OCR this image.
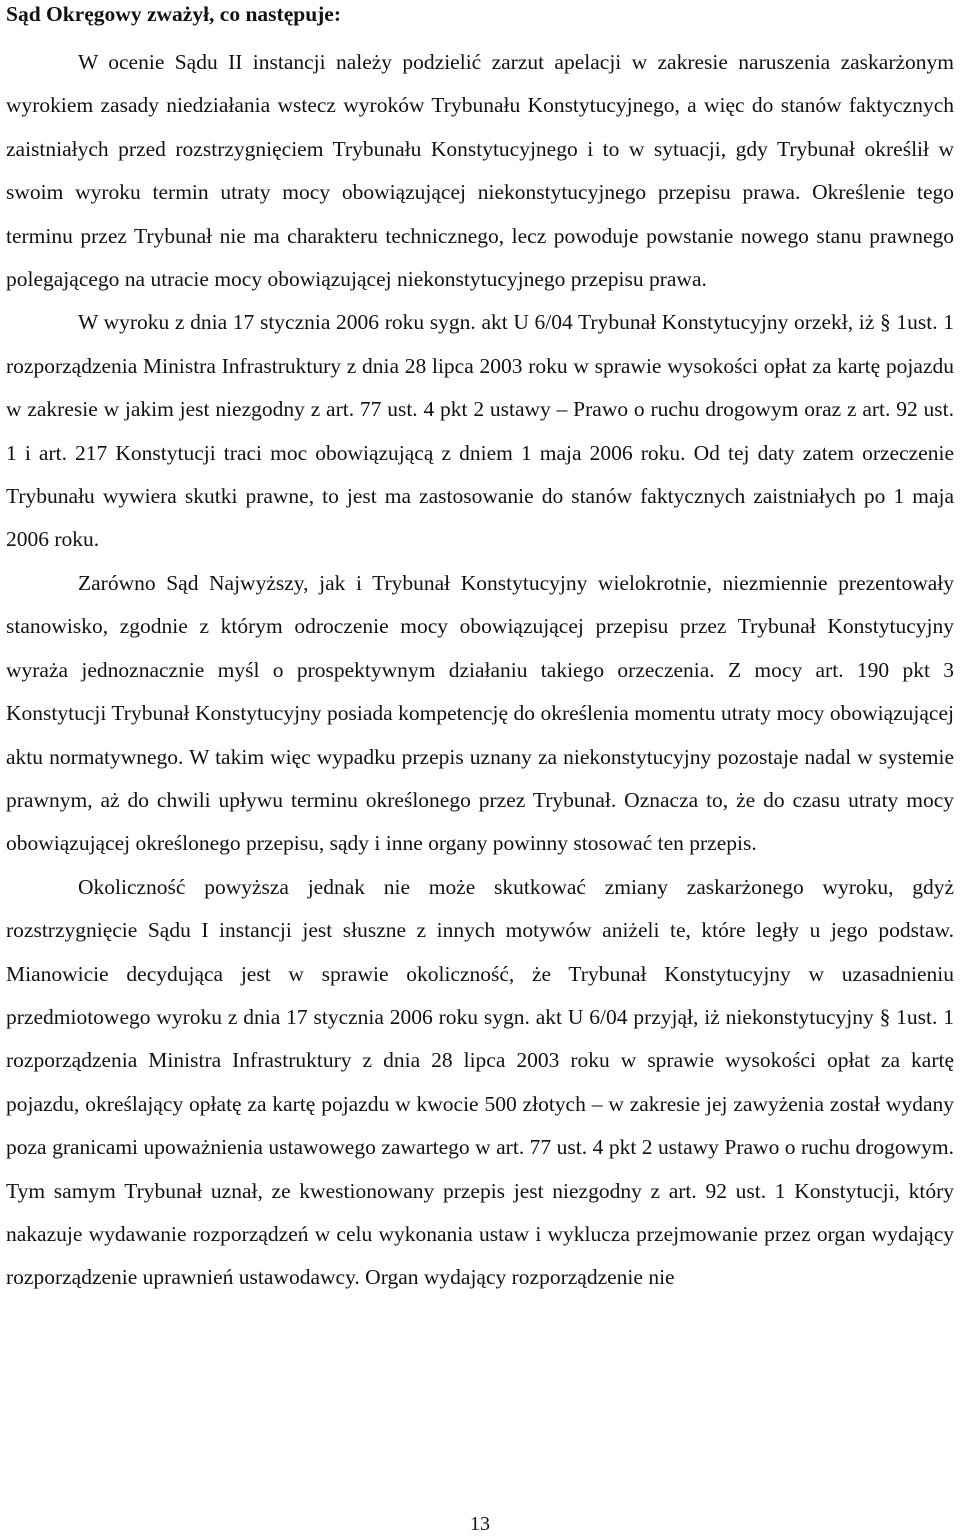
Sąd Okręgowy zważył, co następuje:

W ocenie Sądu II instancji należy podzielić zarzut apelacji w zakresie naruszenia zaskarżonym wyrokiem zasady niedziałania wstecz wyroków Trybunału Konstytucyjnego, a więc do stanów faktycznych zaistniałych przed rozstrzygnięciem Trybunału Konstytucyjnego i to w sytuacji, gdy Trybunał określił w swoim wyroku termin utraty mocy obowiązującej niekonstytucyjnego przepisu prawa. Określenie tego terminu przez Trybunał nie ma charakteru technicznego, lecz powoduje powstanie nowego stanu prawnego polegającego na utracie mocy obowiązującej niekonstytucyjnego przepisu prawa.

W wyroku z dnia 17 stycznia 2006 roku sygn. akt U 6/04 Trybunał Konstytucyjny orzekł, iż § 1ust. 1 rozporządzenia Ministra Infrastruktury z dnia 28 lipca 2003 roku w sprawie wysokości opłat za kartę pojazdu w zakresie w jakim jest niezgodny z art. 77 ust. 4 pkt 2 ustawy – Prawo o ruchu drogowym oraz z art. 92 ust. 1 i art. 217 Konstytucji traci moc obowiązującą z dniem 1 maja 2006 roku. Od tej daty zatem orzeczenie Trybunału wywiera skutki prawne, to jest ma zastosowanie do stanów faktycznych zaistniałych po 1 maja 2006 roku.

Zarówno Sąd Najwyższy, jak i Trybunał Konstytucyjny wielokrotnie, niezmiennie prezentowały stanowisko, zgodnie z którym odroczenie mocy obowiązującej przepisu przez Trybunał Konstytucyjny wyraża jednoznacznie myśl o prospektywnym działaniu takiego orzeczenia. Z mocy art. 190 pkt 3 Konstytucji Trybunał Konstytucyjny posiada kompetencję do określenia momentu utraty mocy obowiązującej aktu normatywnego. W takim więc wypadku przepis uznany za niekonstytucyjny pozostaje nadal w systemie prawnym, aż do chwili upływu terminu określonego przez Trybunał. Oznacza to, że do czasu utraty mocy obowiązującej określonego przepisu, sądy i inne organy powinny stosować ten przepis.

Okoliczność powyższa jednak nie może skutkować zmiany zaskarżonego wyroku, gdyż rozstrzygnięcie Sądu I instancji jest słuszne z innych motywów aniżeli te, które legły u jego podstaw. Mianowicie decydująca jest w sprawie okoliczność, że Trybunał Konstytucyjny w uzasadnieniu przedmiotowego wyroku z dnia 17 stycznia 2006 roku sygn. akt U 6/04 przyjął, iż niekonstytucyjny § 1ust. 1 rozporządzenia Ministra Infrastruktury z dnia 28 lipca 2003 roku w sprawie wysokości opłat za kartę pojazdu, określający opłatę za kartę pojazdu w kwocie 500 złotych – w zakresie jej zawyżenia został wydany poza granicami upoważnienia ustawowego zawartego w art. 77 ust. 4 pkt 2 ustawy Prawo o ruchu drogowym. Tym samym Trybunał uznał, ze kwestionowany przepis jest niezgodny z art. 92 ust. 1 Konstytucji, który nakazuje wydawanie rozporządzeń w celu wykonania ustaw i wyklucza przejmowanie przez organ wydający rozporządzenie uprawnień ustawodawcy. Organ wydający rozporządzenie nie

13
